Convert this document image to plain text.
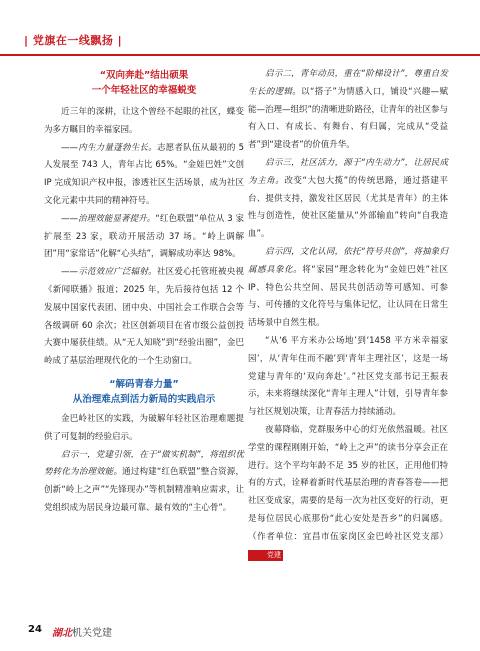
| 党旗在一线飘扬 |

“双向奔赴”结出硕果

一个年轻社区的幸福蜕变

近三年的深耕，让这个曾经不起眼的社区，蝶变为多方瞩目的幸福家园。

——内生力量蓬勃生长。志愿者队伍从最初的 5 人发展至 743 人，青年占比 65%。“金娃巴姓”文创 IP 完成知识产权申报，渗透社区生活场景，成为社区文化元素中共同的精神符号。

——治理效能显著提升。“红色联盟”单位从 3 家扩展至 23 家，联动开展活动 37 场。“岭上调解团”用“家常话”化解“心头结”，调解成功率达 98%。

——示范效应广泛辐射。社区爱心托管班被央视《新闻联播》报道；2025 年，先后接待包括 12 个发展中国家代表团、团中央、中国社会工作联合会等各级调研 60 余次；社区创新项目在省市级公益创投大赛中屡获佳绩。从“无人知晓”到“经验出圈”，金巴岭成了基层治理现代化的一个生动窗口。

“解码青春力量”

从治理难点到活力新局的实践启示

金巴岭社区的实践，为破解年轻社区治理难题提供了可复制的经验启示。

启示一，党建引领，在于“做实机制”，将组织优势转化为治理效能。通过构建“红色联盟”整合资源，创新“岭上之声”“先锋现办”等机制精准响应需求，让党组织成为居民身边最可靠、最有效的“主心骨”。

启示二，青年动员，重在“阶梯设计”，尊重自发生长的逻辑。以“搭子”为情感入口，铺设“兴趣—赋能—治理—组织”的清晰进阶路径，让青年的社区参与有入口、有成长、有舞台、有归属，完成从“受益者”到“建设者”的价值升华。

启示三，社区活力，源于“内生动力”，让居民成为主角。改变“大包大揽”的传统思路，通过搭建平台、提供支持，激发社区居民（尤其是青年）的主体性与创造性，使社区能量从“外部输血”转向“自我造血”。

启示四，文化认同，依托“符号共创”，将抽象归属感具象化。将“家园”理念转化为“金娃巴姓”社区 IP、特色公共空间、居民共创活动等可感知、可参与、可传播的文化符号与集体记忆，让认同在日常生活场景中自然生根。

“从‘6 平方米办公场地’到‘1458 平方米幸福家园’，从‘青年住而不融’到‘青年主理社区’，这是一场党建与青年的‘双向奔赴’。”社区党支部书记王振表示，未来将继续深化“青年主理人”计划，引导青年参与社区规划决策，让青春活力持续涌动。

夜幕降临，党群服务中心的灯光依然温暖。社区学堂的课程刚刚开始，“岭上之声”的读书分享会正在进行。这个平均年龄不足 35 岁的社区，正用他们特有的方式，诠释着新时代基层治理的青春答卷——把社区变成家，需要的是每一次为社区变好的行动，更是每位居民心底那份“此心安处是吾乡”的归属感。（作者单位：宜昌市伍家岗区金巴岭社区党支部） 党建

24 湖北机关党建
